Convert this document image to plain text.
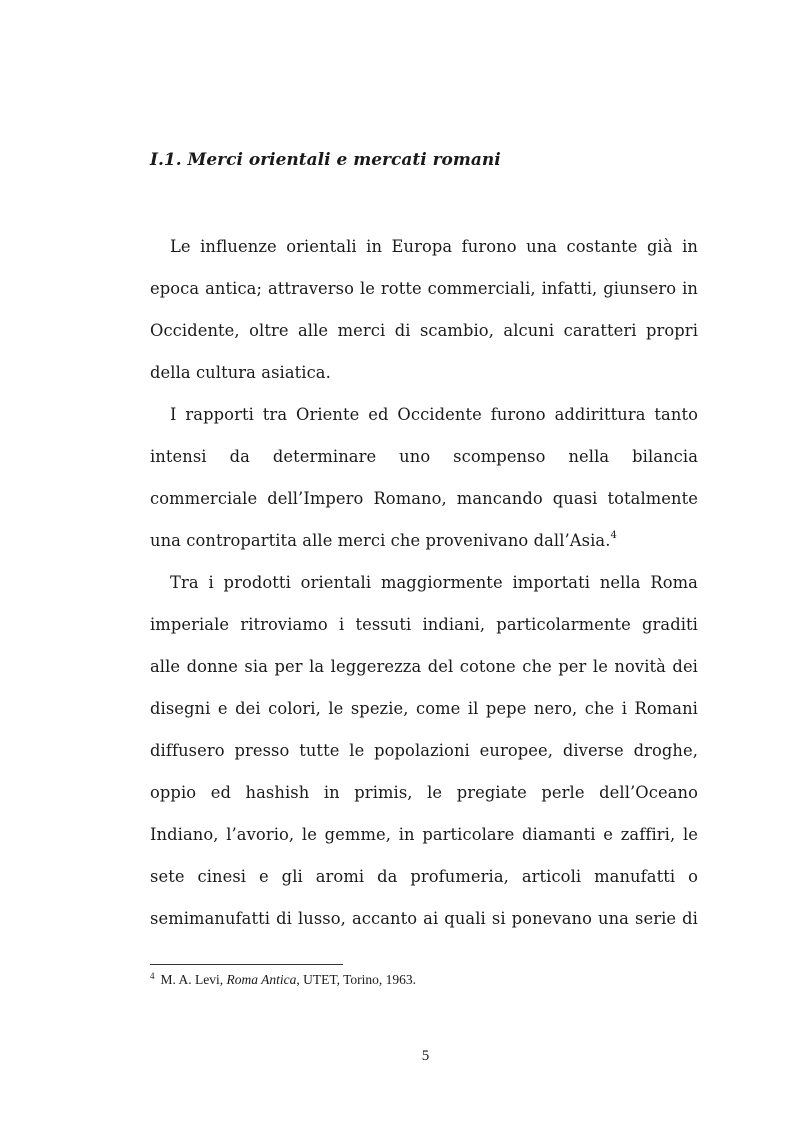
I.1. Merci orientali e mercati romani
Le influenze orientali in Europa furono una costante già in
epoca antica; attraverso le rotte commerciali, infatti, giunsero in
Occidente, oltre alle merci di scambio, alcuni caratteri propri
della cultura asiatica.
I rapporti tra Oriente ed Occidente furono addirittura tanto
intensi da determinare uno scompenso nella bilancia
commerciale dell’Impero Romano, mancando quasi totalmente
una contropartita alle merci che provenivano dall’Asia.$^4$
Tra i prodotti orientali maggiormente importati nella Roma
imperiale ritroviamo i tessuti indiani, particolarmente graditi
alle donne sia per la leggerezza del cotone che per le novità dei
disegni e dei colori, le spezie, come il pepe nero, che i Romani
diffusero presso tutte le popolazioni europee, diverse droghe,
oppio ed hashish in primis, le pregiate perle dell’Oceano
Indiano, l’avorio, le gemme, in particolare diamanti e zaffiri, le
sete cinesi e gli aromi da profumeria, articoli manufatti o
semimanufatti di lusso, accanto ai quali si ponevano una serie di
$^4$ M. A. Levi, Roma Antica, UTET, Torino, 1963.
5
